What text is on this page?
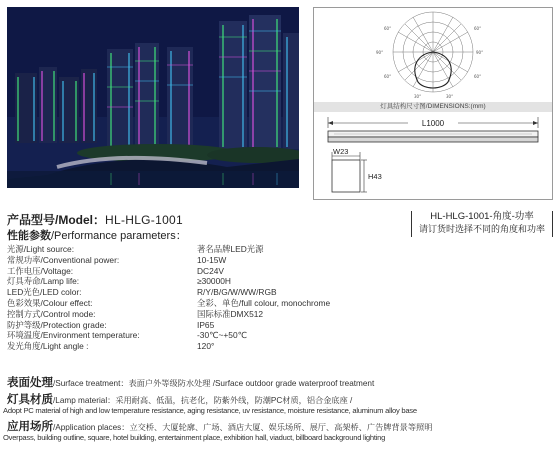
90°	90°
60°	60°
60°	60°
30°	30°
灯具结构尺寸图/DIMENSIONS:(mm)
L1000
W23
H43
产品型号/Model：HL-HLG-1001
性能参数/Performance parameters：
HL-HLG-1001-角度-功率
请订货时选择不同的角度和功率
光源/Light source:	著名品牌LED光源
常规功率/Conventional power:	10-15W
工作电压/Voltage:	DC24V
灯具寿命/Lamp life:	≥30000H
LED光色/LED color:	R/Y/B/G/W/WW/RGB
色彩效果/Colour effect:	全彩、单色/full colour, monochrome
控制方式/Control mode:	国际标准DMX512
防护等级/Protection grade:	IP65
环境温度/Environment temperature:	-30℃~+50℃
发光角度/Light angle :	120°
表面处理/Surface treatment：表面户外等级防水处理 /Surface outdoor grade waterproof treatment
灯具材质/Lamp material：采用耐高、低温，抗老化，防紫外线，防潮PC材质，铝合金底座 /
Adopt PC material of high and low temperature resistance, aging resistance, uv resistance, moisture resistance, aluminum alloy base
应用场所/Application places：立交桥、大厦轮廓、广场、酒店大厦、娱乐场所、展厅、高架桥、广告牌背景等照明
Overpass, building outline, square, hotel building, entertainment place, exhibition hall, viaduct, billboard background lighting
